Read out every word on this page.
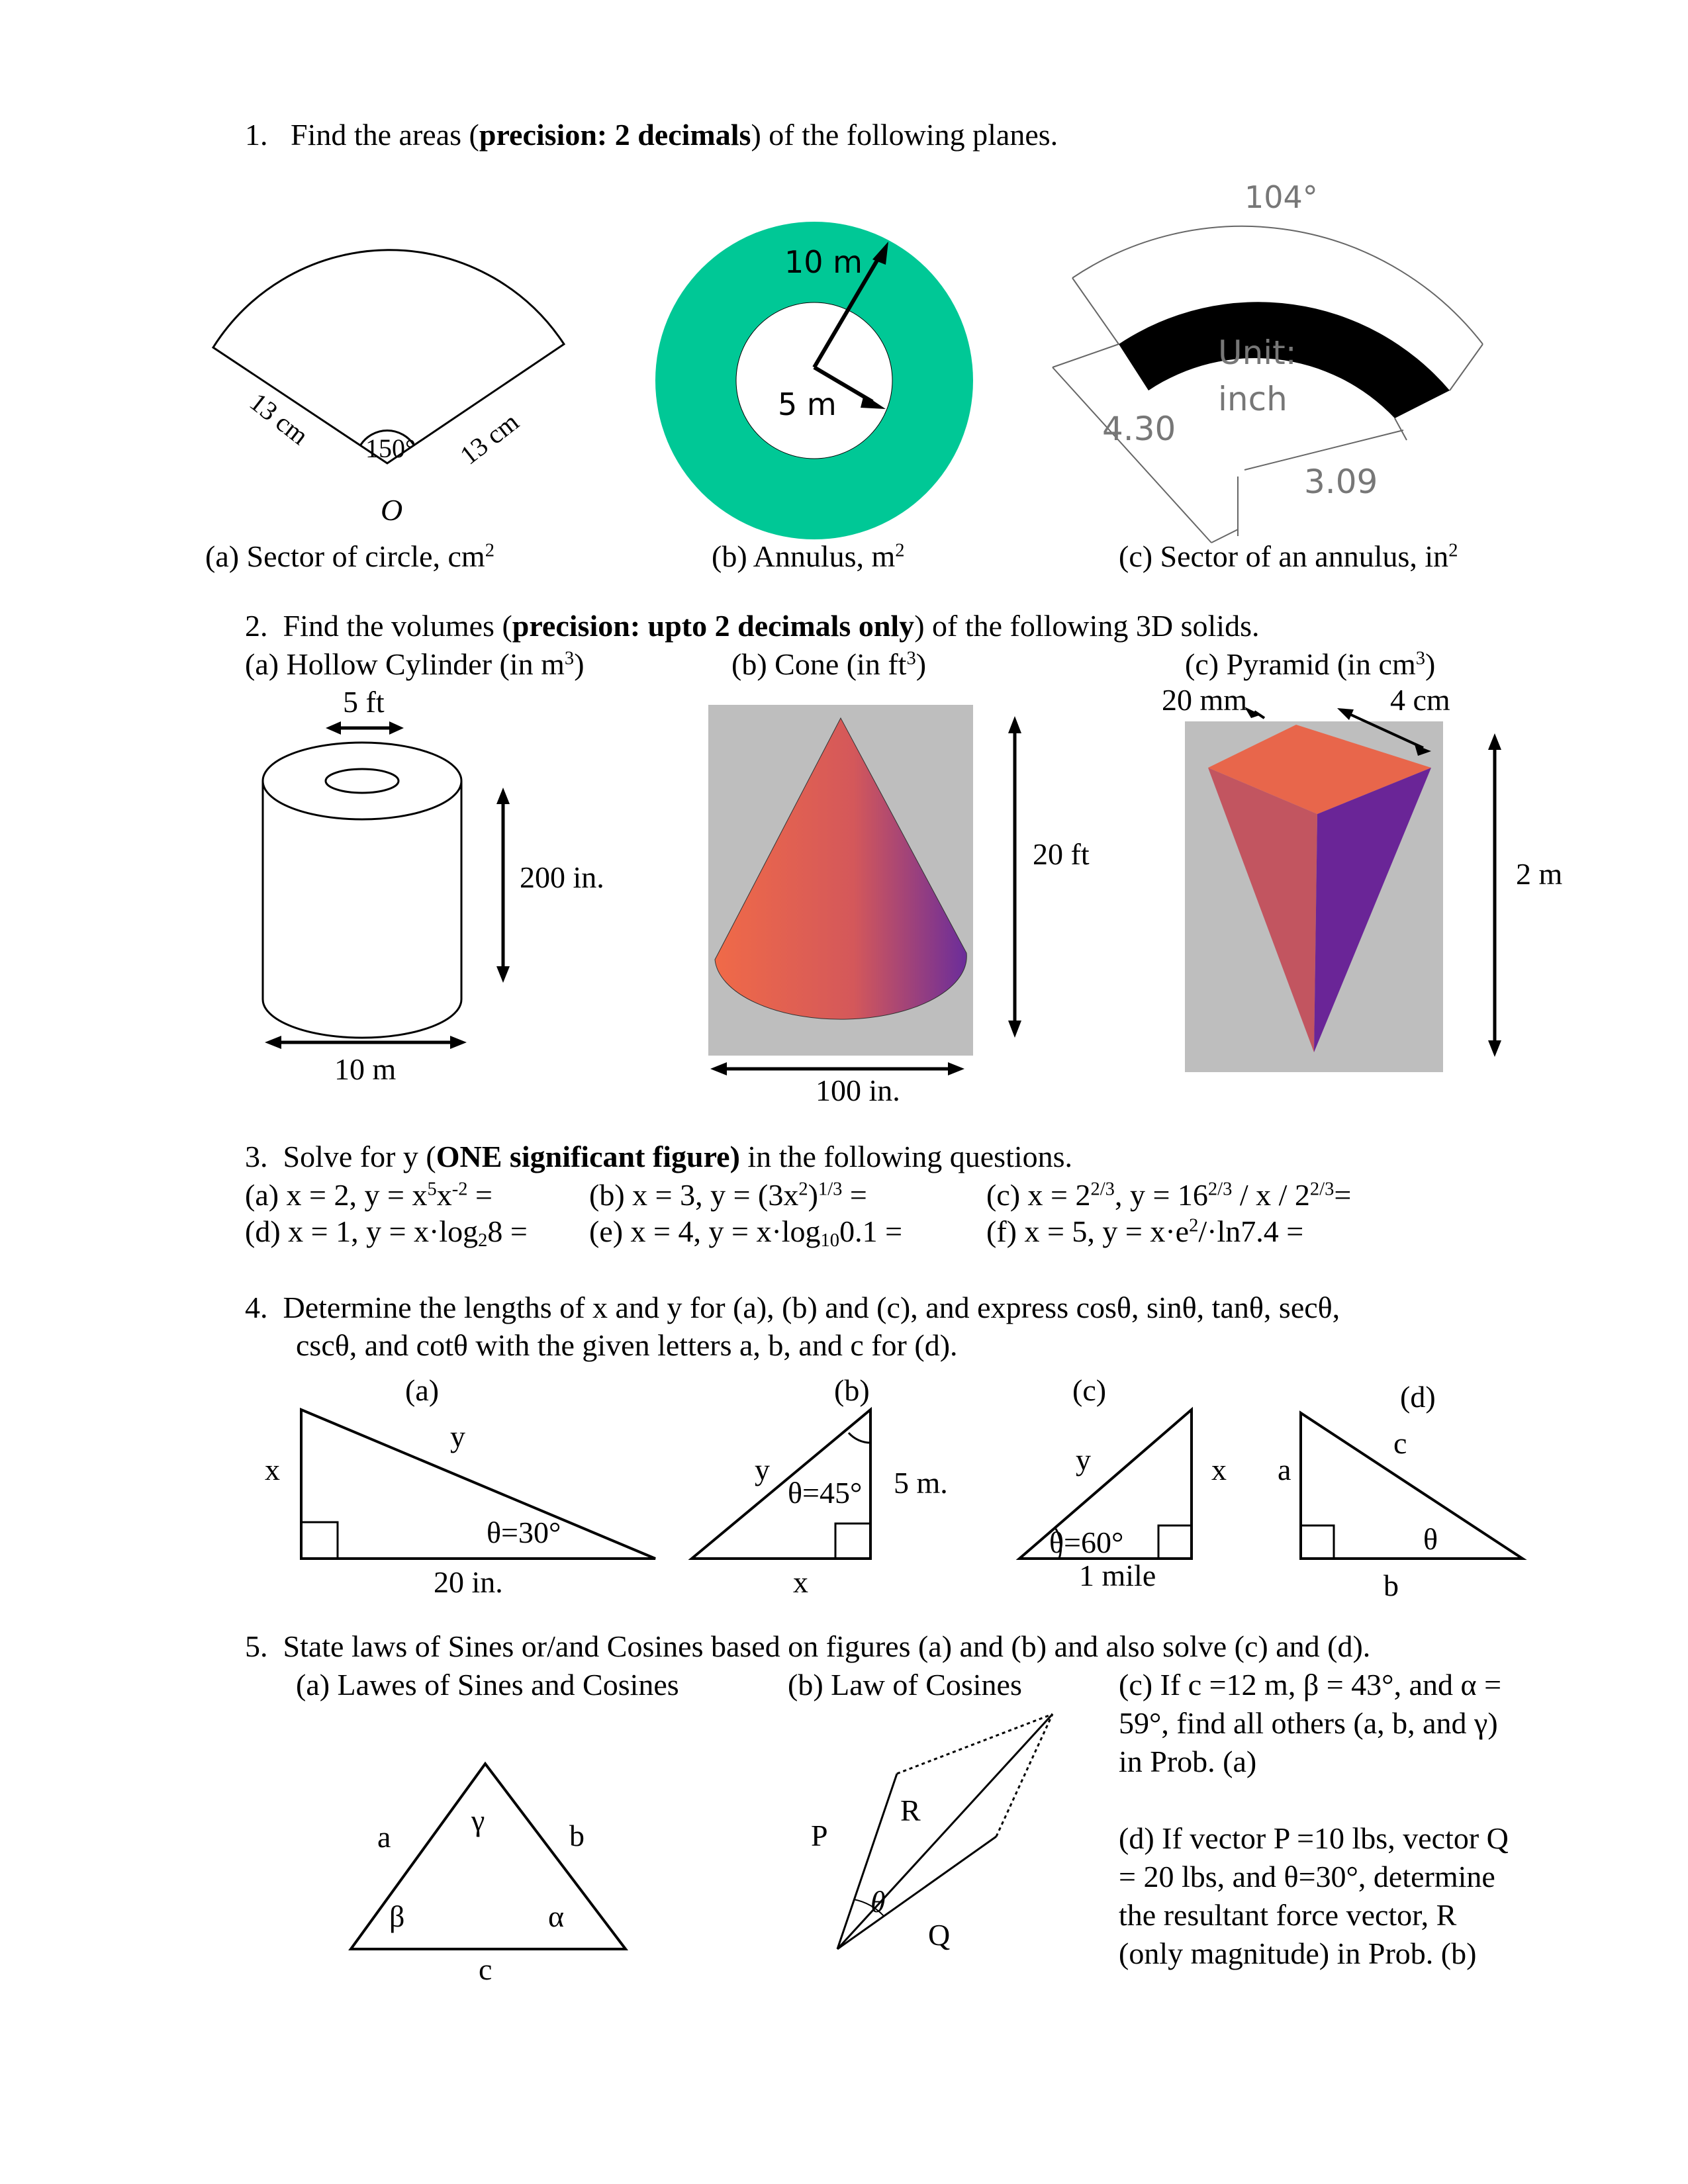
1. Find the areas (precision: 2 decimals) of the following planes.
13 cm	13 cm
150°
O
(a) Sector of circle, $cm^2$
10 m
5 m
(b) Annulus, $m^2$
104°
Unit:
inch
4.30
3.09
(c) Sector of an annulus, $in^2$
2. Find the volumes (precision: upto 2 decimals only) of the following 3D solids.
(a) Hollow Cylinder (in $m^3$)	(b) Cone (in $ft^3$)	(c) Pyramid (in $cm^3$)
5 ft
200 in.
10 m
20 ft
100 in.
20 mm	4 cm
2 m
3. Solve for y (ONE significant figure) in the following questions.
(a) x = 2, $y = x^5x^{-2}$ =	(b) x = 3, $y = (3x^2)^{1/3}$ =	(c) $x = 2^{2/3}$, $y = 16^{2/3} / x / 2^{2/3}=$
(d) x = 1, $y = x\cdot\log_28 = (e) x = 4$, $y = x\cdot\log_{10}0.1$ =	(f) x = 5, $y = x\cdot e^2/\cdot\ln 7.4$ =
4. Determine the lengths of x and y for (a), (b) and (c), and express cosθ, sinθ, tanθ, secθ,
cscθ, and cotθ with the given letters a, b, and c for (d).
(a)
x
y
θ=30°
20 in.
(b)
y
θ=45° 5 m.
x
(c)
y	x
θ=60°
1 mile
(d)
a
c
θ
b
5. State laws of Sines or/and Cosines based on figures (a) and (b) and also solve (c) and (d).
(a) Lawes of Sines and Cosines	(b) Law of Cosines	(c) If c =12 m, β = 43°, and α =
59°, find all others (a, b, and γ)
in Prob. (a)
(d) If vector P =10 lbs, vector Q
= 20 lbs, and θ=30°, determine
the resultant force vector, R
(only magnitude) in Prob. (b)
γ
a	b
β	α
c
P
R
θ
Q
